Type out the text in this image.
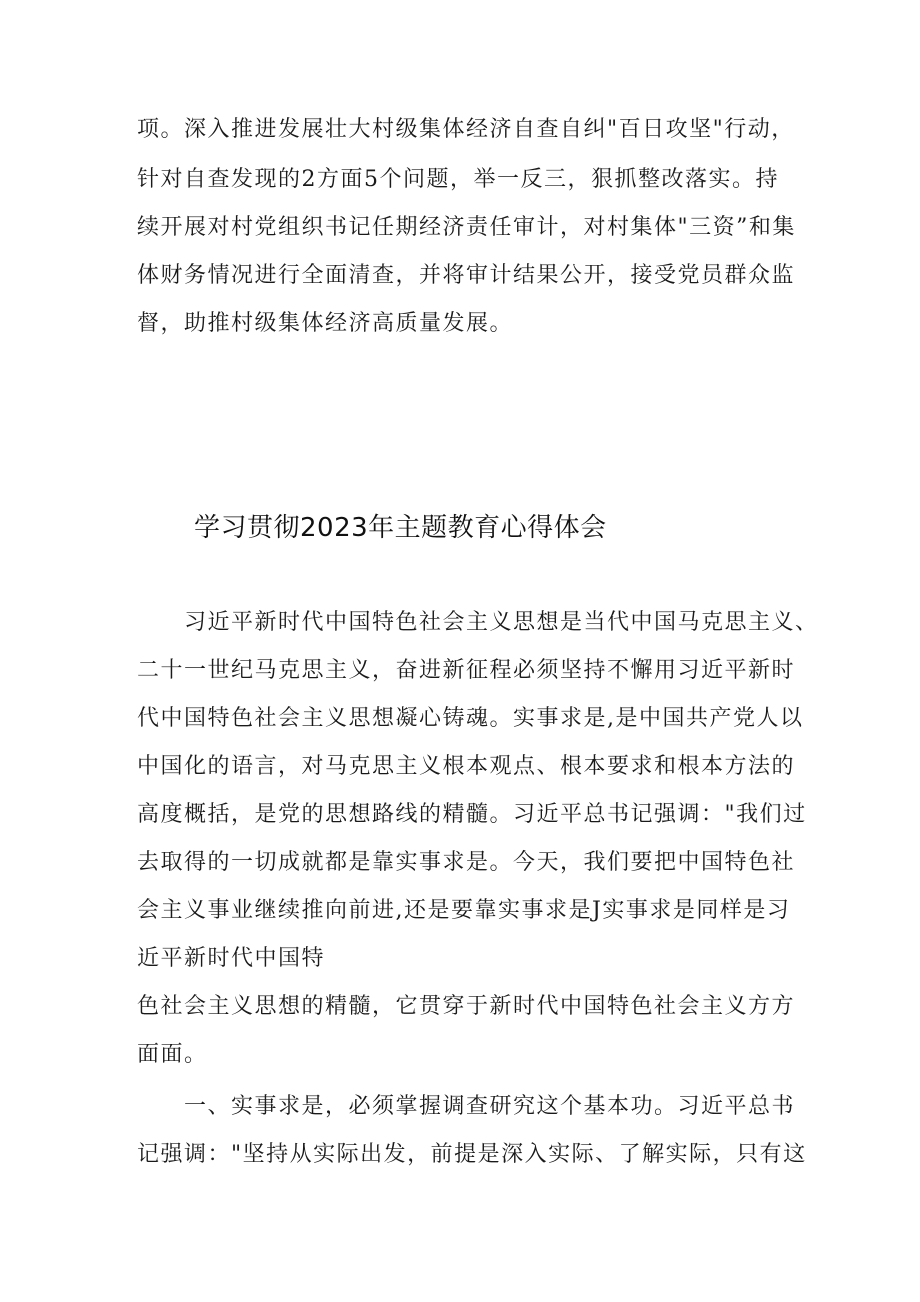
项。深入推进发展壮大村级集体经济自查自纠"百日攻坚"行动，
针对自查发现的2方面5个问题，举一反三，狠抓整改落实。持
续开展对村党组织书记任期经济责任审计，对村集体"三资”和集
体财务情况进行全面清查，并将审计结果公开，接受党员群众监
督，助推村级集体经济高质量发展。
学习贯彻2023年主题教育心得体会
习近平新时代中国特色社会主义思想是当代中国马克思主义、
二十一世纪马克思主义，奋进新征程必须坚持不懈用习近平新时
代中国特色社会主义思想凝心铸魂。实事求是,是中国共产党人以
中国化的语言，对马克思主义根本观点、根本要求和根本方法的
高度概括，是党的思想路线的精髓。习近平总书记强调："我们过
去取得的一切成就都是靠实事求是。今天，我们要把中国特色社
会主义事业继续推向前进,还是要靠实事求是J实事求是同样是习
近平新时代中国特
色社会主义思想的精髓，它贯穿于新时代中国特色社会主义方方
面面。
一、实事求是，必须掌握调查研究这个基本功。习近平总书
记强调："坚持从实际出发，前提是深入实际、了解实际，只有这
